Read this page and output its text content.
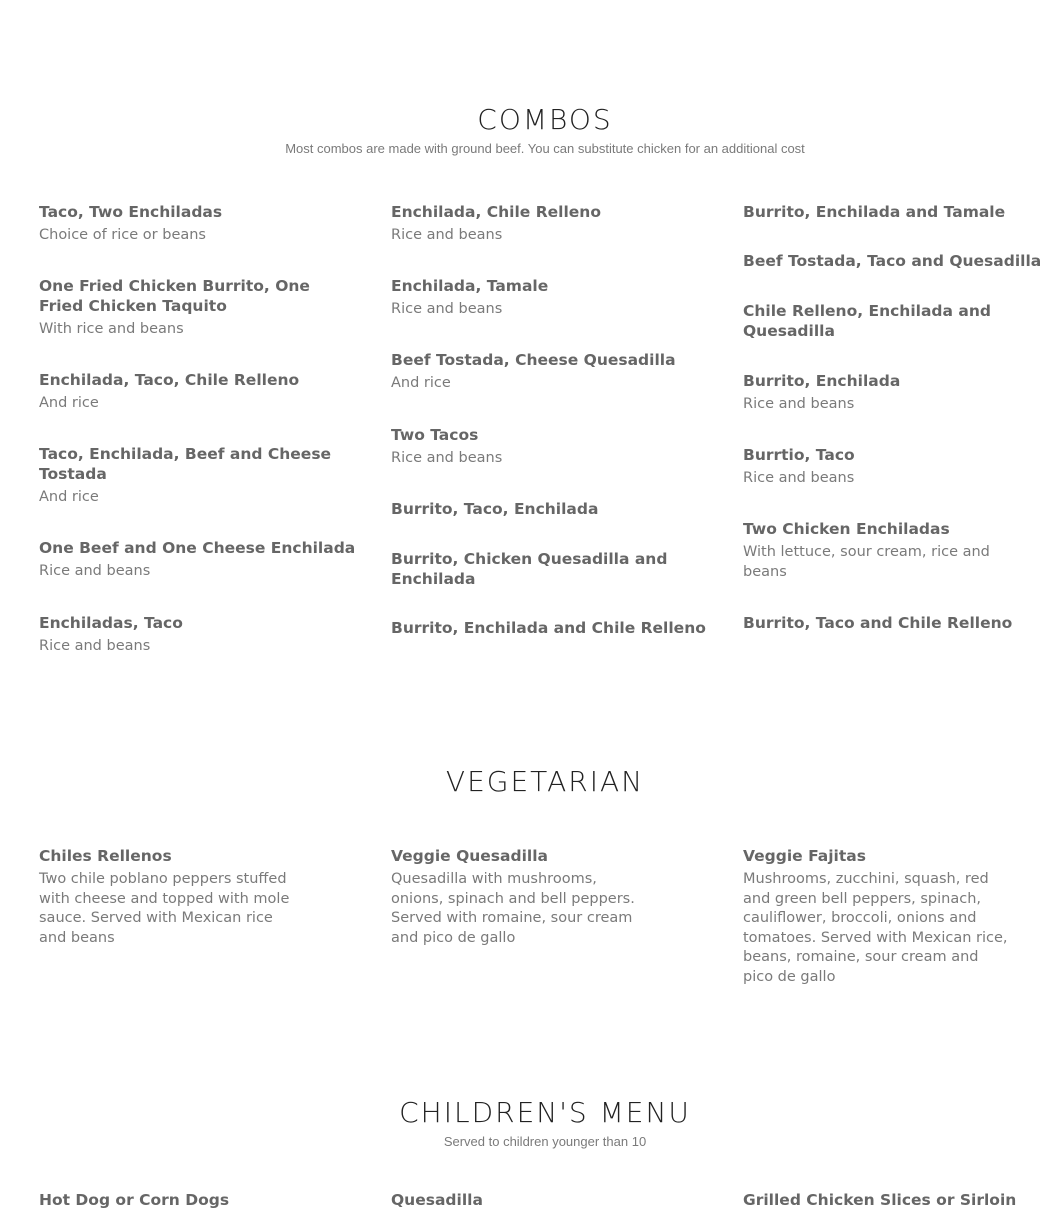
COMBOS
Most combos are made with ground beef. You can substitute chicken for an additional cost

Taco, Two Enchiladas

Choice of rice or beans

One Fried Chicken Burrito, One Fried Chicken Taquito

With rice and beans

Enchilada, Taco, Chile Relleno

And rice

Taco, Enchilada, Beef and Cheese Tostada

And rice

One Beef and One Cheese Enchilada

Rice and beans

Enchiladas, Taco

Rice and beans

Enchilada, Chile Relleno

Rice and beans

Enchilada, Tamale

Rice and beans

Beef Tostada, Cheese Quesadilla

And rice

Two Tacos

Rice and beans

Burrito, Taco, Enchilada

Burrito, Chicken Quesadilla and Enchilada

Burrito, Enchilada and Chile Relleno

Burrito, Enchilada and Tamale

Beef Tostada, Taco and Quesadilla

Chile Relleno, Enchilada and Quesadilla

Burrito, Enchilada

Rice and beans

Burrtio, Taco

Rice and beans

Two Chicken Enchiladas

With lettuce, sour cream, rice and beans

Burrito, Taco and Chile Relleno

VEGETARIAN

Chiles Rellenos

Two chile poblano peppers stuffed with cheese and topped with mole sauce. Served with Mexican rice and beans

Veggie Quesadilla

Quesadilla with mushrooms, onions, spinach and bell peppers. Served with romaine, sour cream and pico de gallo

Veggie Fajitas

Mushrooms, zucchini, squash, red and green bell peppers, spinach, cauliflower, broccoli, onions and tomatoes. Served with Mexican rice, beans, romaine, sour cream and pico de gallo

CHILDREN'S MENU
Served to children younger than 10

Hot Dog or Corn Dogs	Quesadilla	Grilled Chicken Slices or Sirloin
